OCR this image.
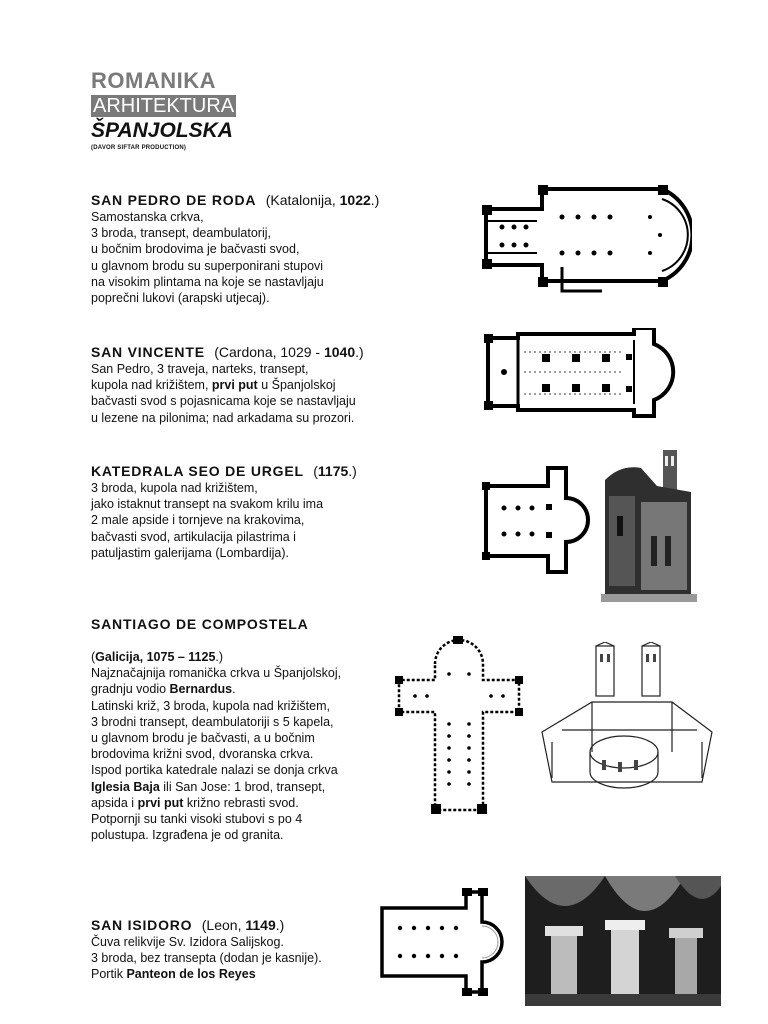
ROMANIKA
ARHITEKTURA
ŠPANJOLSKA
(DAVOR SIFTAR PRODUCTION)
SAN PEDRO DE RODA (Katalonija, 1022.)
Samostanska crkva,
3 broda, transept, deambulatorij,
u bočnim brodovima je bačvasti svod,
u glavnom brodu su superponirani stupovi
na visokim plintama na koje se nastavljaju
poprečni lukovi (arapski utjecaj).
SAN VINCENTE (Cardona, 1029 - 1040.)
San Pedro, 3 traveja, narteks, transept,
kupola nad križištem, prvi put u Španjolskoj
bačvasti svod s pojasnicama koje se nastavljaju
u lezene na pilonima; nad arkadama su prozori.
KATEDRALA SEO DE URGEL (1175.)
3 broda, kupola nad križištem,
jako istaknut transept na svakom krilu ima
2 male apside i tornjeve na krakovima,
bačvasti svod, artikulacija pilastrima i
patuljastim galerijama (Lombardija).
SANTIAGO DE COMPOSTELA
(Galicija, 1075 – 1125.)
Najznačajnija romanička crkva u Španjolskoj,
gradnju vodio Bernardus.
Latinski križ, 3 broda, kupola nad križištem,
3 brodni transept, deambulatoriji s 5 kapela,
u glavnom brodu je bačvasti, a u bočnim
brodovima križni svod, dvoranska crkva.
Ispod portika katedrale nalazi se donja crkva
Iglesia Baja ili San Jose: 1 brod, transept,
apsida i prvi put križno rebrasti svod.
Potpornji su tanki visoki stubovi s po 4
polustupa. Izgrađena je od granita.
SAN ISIDORO (Leon, 1149.)
Čuva relikvije Sv. Izidora Salijskog.
3 broda, bez transepta (dodan je kasnije).
Portik Panteon de los Reyes
